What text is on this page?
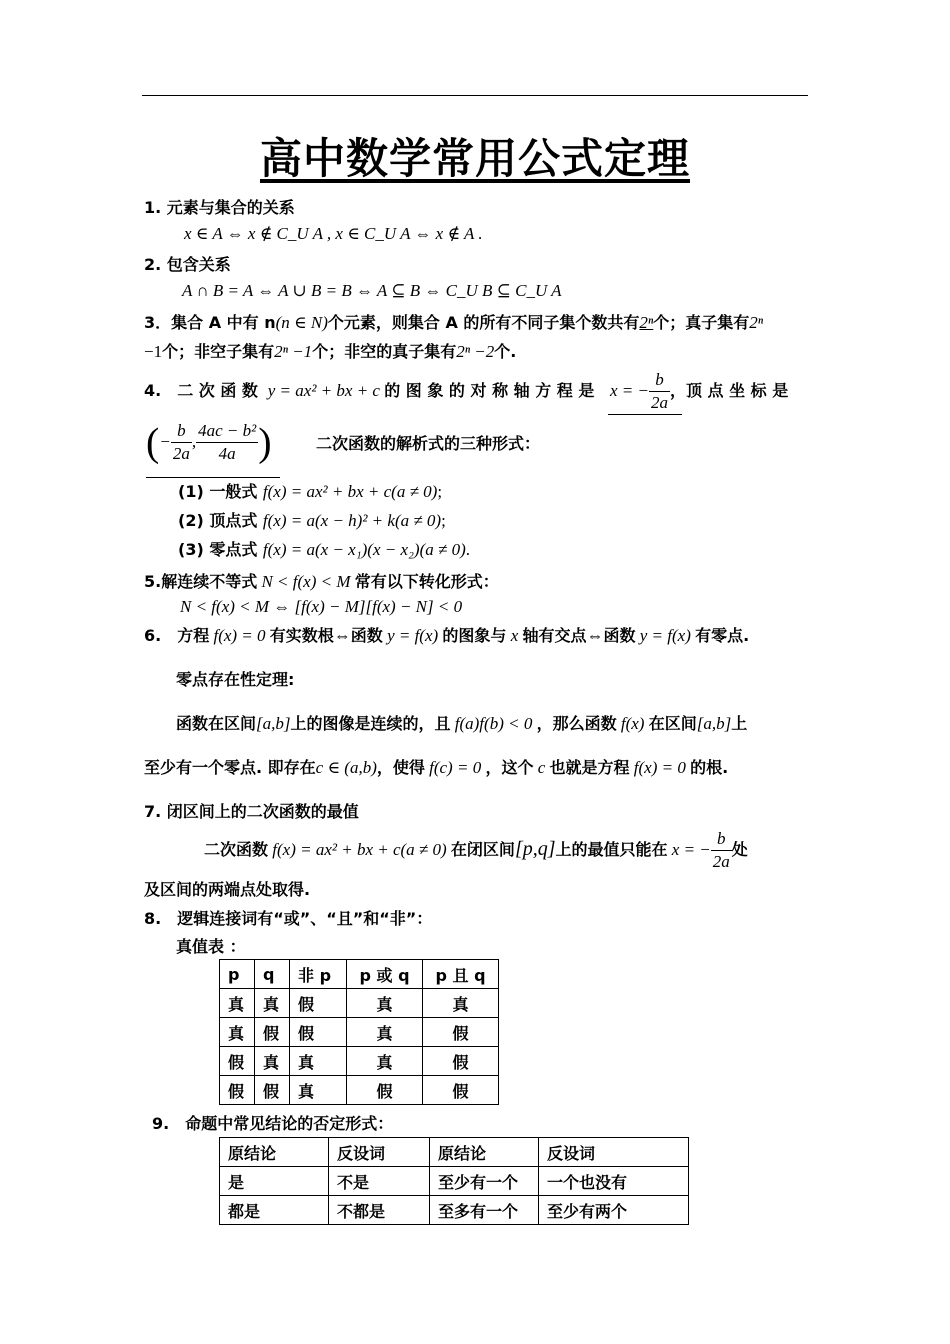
高中数学常用公式定理
1. 元素与集合的关系
x ∈ A ⇔ x ∉ C_U A , x ∈ C_U A ⇔ x ∉ A .
2. 包含关系
A ∩ B = A ⇔ A ∪ B = B ⇔ A ⊆ B ⇔ C_U B ⊆ C_U A
3．集合 A 中有 n(n ∈ N)个元素，则集合 A 的所有不同子集个数共有2ⁿ个；真子集有2ⁿ
−1个；非空子集有2ⁿ −1个；非空的真子集有2ⁿ −2个.
4.　二 次 函 数  y = ax² + bx + c 的 图 象 的 对 称 轴 方 程 是 x = − $\frac{b}{2a}$ ，顶 点 坐 标 是
(− $\frac{b}{2a}$ , $\frac{\text{4ac − b²}}{4a}$ )	二次函数的解析式的三种形式：
(1) 一般式 f(x) = ax² + bx + c(a ≠ 0);
(2) 顶点式 f(x) = a(x − h)² + k(a ≠ 0);
(3) 零点式 f(x) = a(x − x₁)(x − x₂)(a ≠ 0).
5.解连续不等式 N < f(x) < M 常有以下转化形式：
N < f(x) < M ⇔ [f(x) − M][f(x) − N] < 0
6.　方程 f(x) = 0 有实数根⇔函数 y = f(x) 的图象与 x 轴有交点⇔函数 y = f(x) 有零点.
零点存在性定理:
函数在区间[a,b]上的图像是连续的，且 f(a)f(b) < 0 ，那么函数 f(x) 在区间[a,b]上
至少有一个零点. 即存在c ∈ (a,b)，使得 f(c) = 0 ，这个 c 也就是方程 f(x) = 0 的根.
7. 闭区间上的二次函数的最值
二次函数 f(x) = ax² + bx + c(a ≠ 0) 在闭区间[p,q]上的最值只能在 x = − $\frac{b}{2a}$ 处
及区间的两端点处取得.
8.　逻辑连接词有“或”、“且”和“非”：
真值表 ：
p	q	非 p	p 或 q	p 且 q
真	真	假	真	真
真	假	假	真	假
假	真	真	真	假
假	假	真	假	假
9.　命题中常见结论的否定形式：
原结论	反设词	原结论	反设词
是	不是	至少有一个	一个也没有
都是	不都是	至多有一个	至少有两个
